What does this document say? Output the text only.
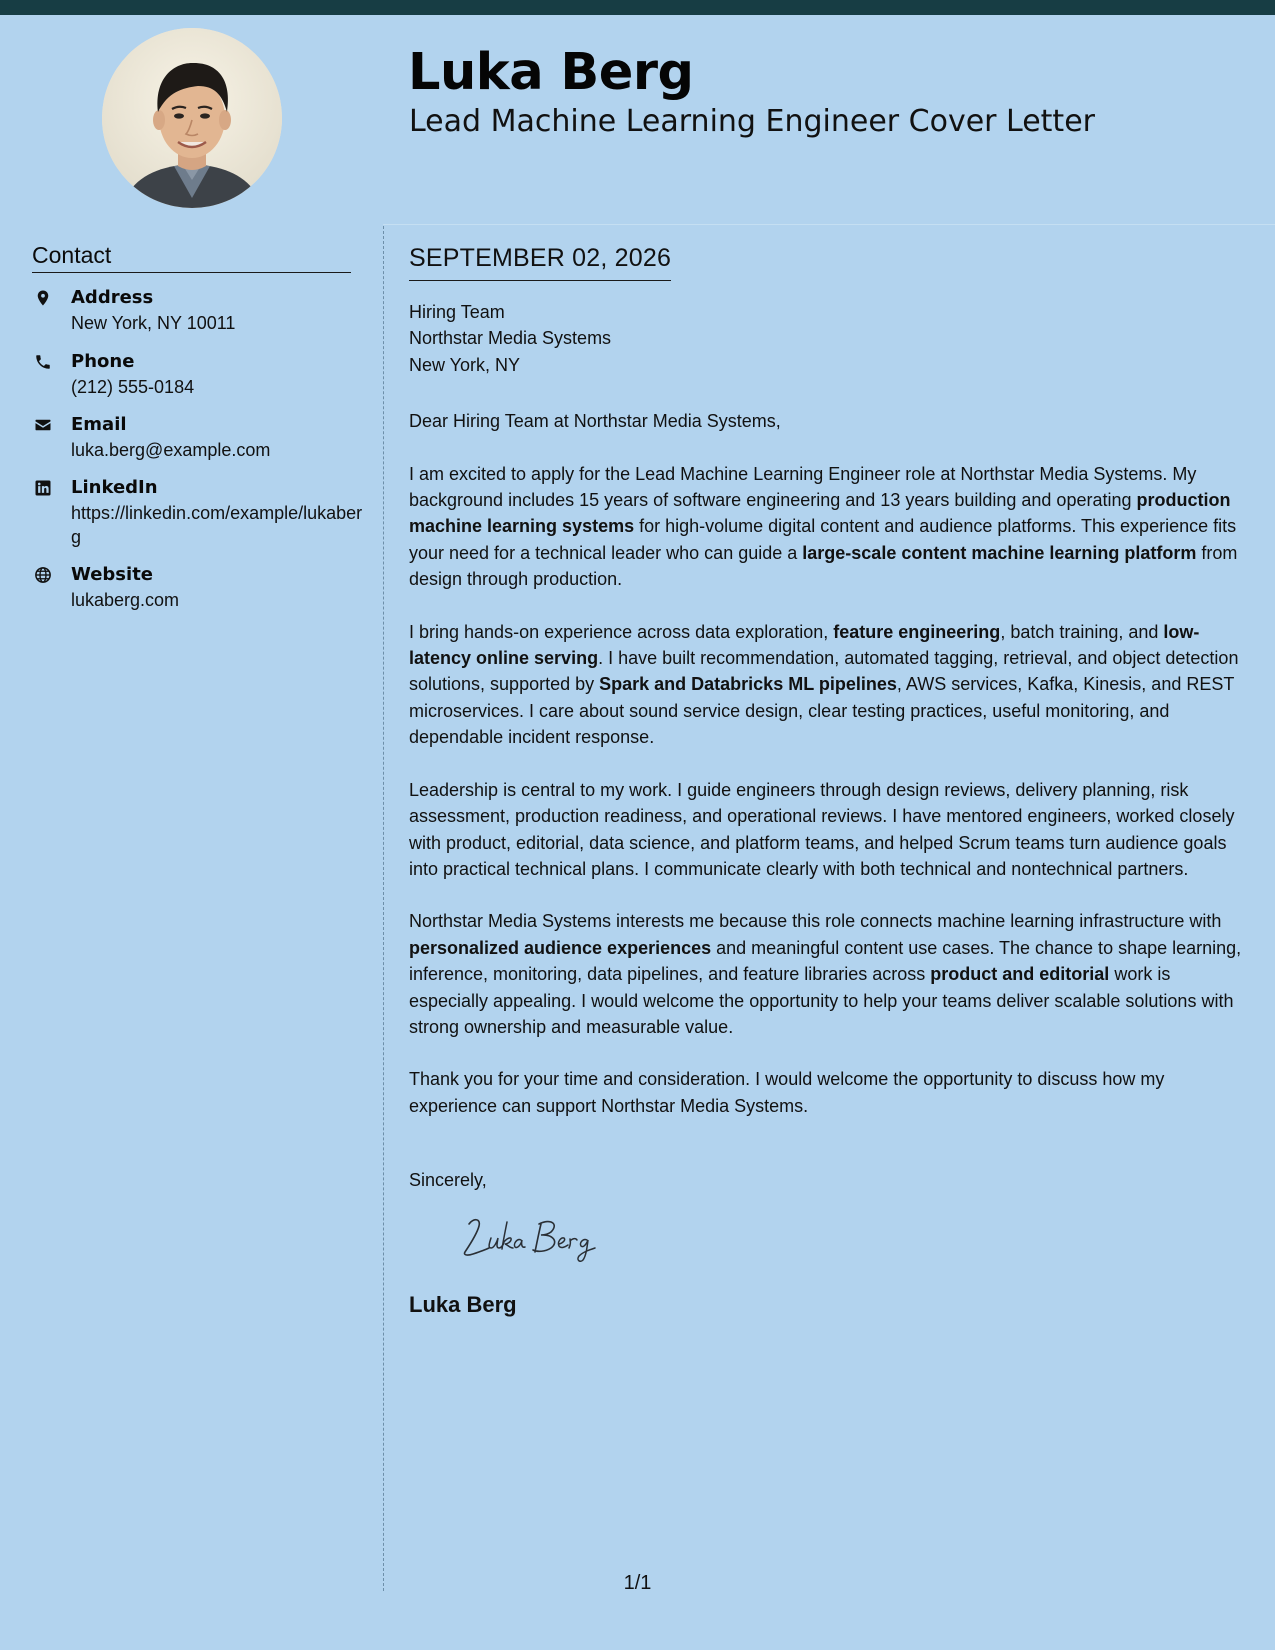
Luka Berg
Lead Machine Learning Engineer Cover Letter
Contact
Address
New York, NY 10011
Phone
(212) 555-0184
Email
luka.berg@example.com
LinkedIn
https://linkedin.com/example/lukaberg
Website
lukaberg.com
SEPTEMBER 02, 2026
Hiring Team
Northstar Media Systems
New York, NY
Dear Hiring Team at Northstar Media Systems,

I am excited to apply for the Lead Machine Learning Engineer role at Northstar Media Systems. My background includes 15 years of software engineering and 13 years building and operating production machine learning systems for high-volume digital content and audience platforms. This experience fits your need for a technical leader who can guide a large-scale content machine learning platform from design through production.

I bring hands-on experience across data exploration, feature engineering, batch training, and low-latency online serving. I have built recommendation, automated tagging, retrieval, and object detection solutions, supported by Spark and Databricks ML pipelines, AWS services, Kafka, Kinesis, and REST microservices. I care about sound service design, clear testing practices, useful monitoring, and dependable incident response.

Leadership is central to my work. I guide engineers through design reviews, delivery planning, risk assessment, production readiness, and operational reviews. I have mentored engineers, worked closely with product, editorial, data science, and platform teams, and helped Scrum teams turn audience goals into practical technical plans. I communicate clearly with both technical and nontechnical partners.

Northstar Media Systems interests me because this role connects machine learning infrastructure with personalized audience experiences and meaningful content use cases. The chance to shape learning, inference, monitoring, data pipelines, and feature libraries across product and editorial work is especially appealing. I would welcome the opportunity to help your teams deliver scalable solutions with strong ownership and measurable value.

Thank you for your time and consideration. I would welcome the opportunity to discuss how my experience can support Northstar Media Systems.

Sincerely,
Luka Berg
1/1
